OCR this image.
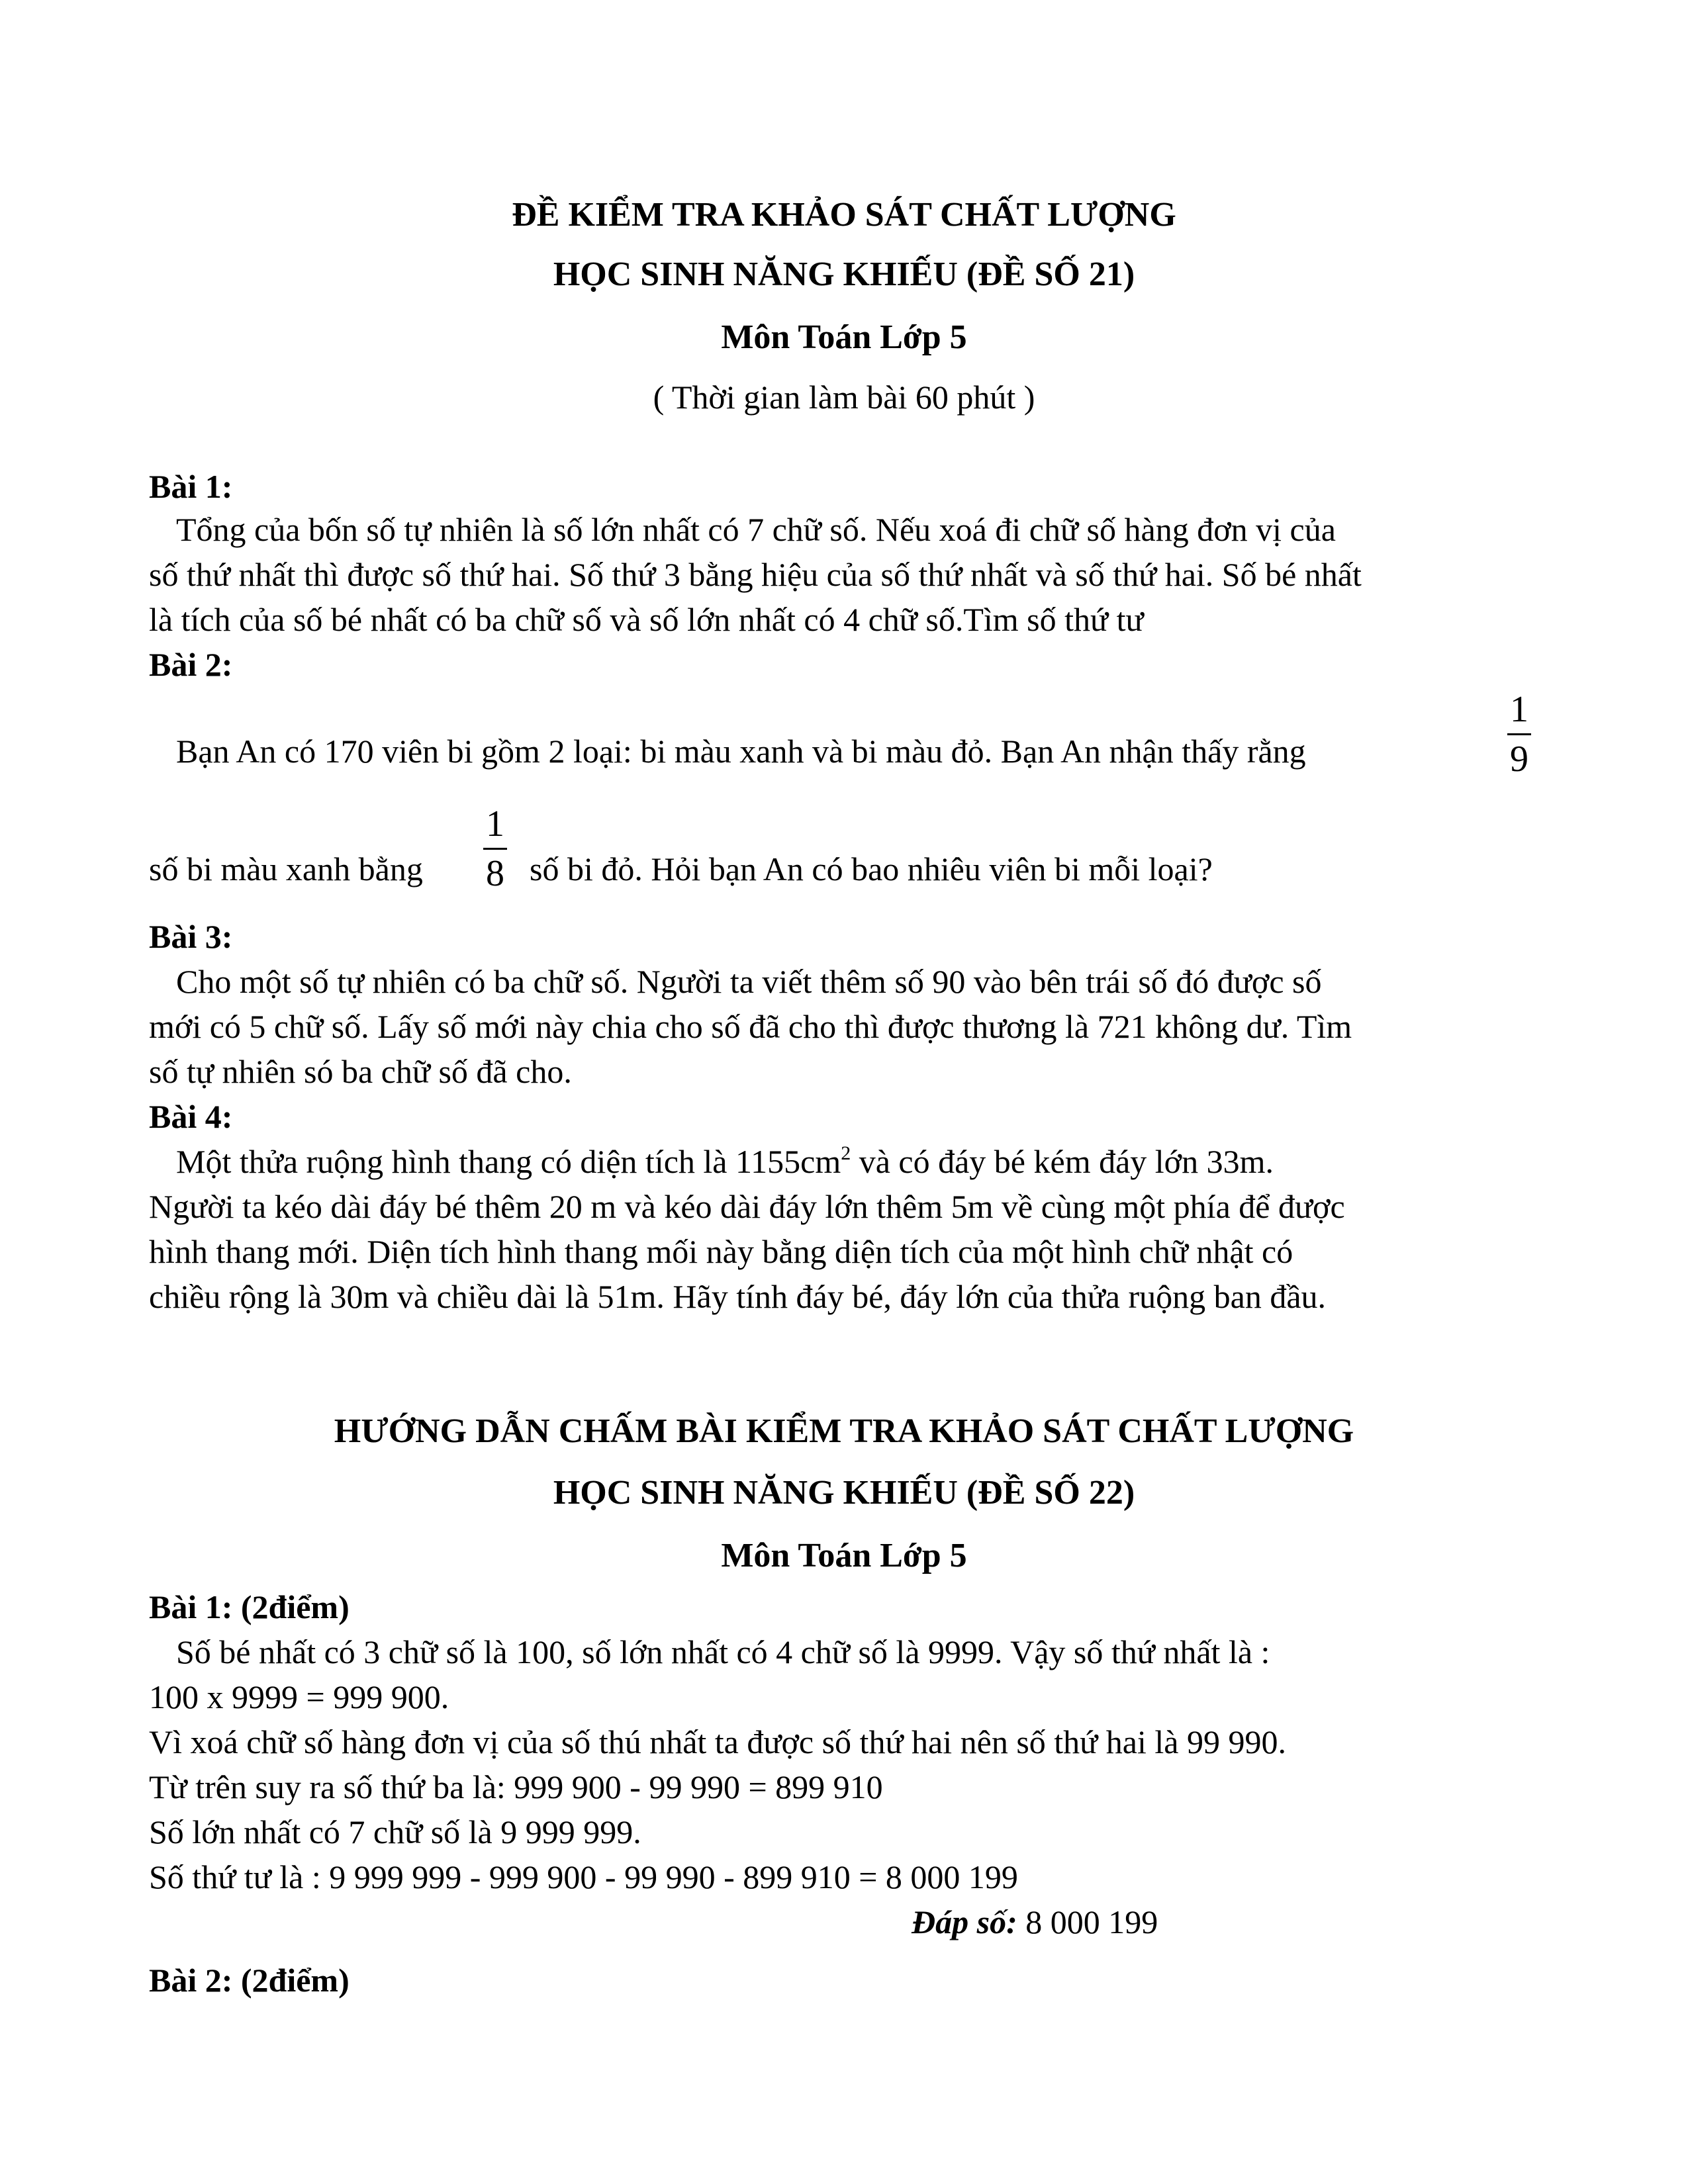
ĐỀ KIỂM TRA KHẢO SÁT CHẤT LƯỢNG
HỌC SINH NĂNG KHIẾU (ĐỀ SỐ 21)
Môn Toán Lớp 5
( Thời gian làm bài 60 phút )
Bài 1:
Tổng của bốn số tự nhiên là số lớn nhất có 7 chữ số. Nếu xoá đi chữ số hàng đơn vị của
số thứ nhất thì được số thứ hai. Số thứ 3 bằng hiệu của số thứ nhất và số thứ hai. Số bé nhất
là tích của số bé nhất có ba chữ số và số lớn nhất có 4 chữ số.Tìm số thứ tư
Bài 2:
Bạn An có 170 viên bi gồm 2 loại: bi màu xanh và bi màu đỏ. Bạn An nhận thấy rằng
1
9
số bi màu xanh bằng
1
8 số bi đỏ. Hỏi bạn An có bao nhiêu viên bi mỗi loại?
Bài 3:
Cho một số tự nhiên có ba chữ số. Người ta viết thêm số 90 vào bên trái số đó được số
mới có 5 chữ số. Lấy số mới này chia cho số đã cho thì được thương là 721 không dư. Tìm
số tự nhiên só ba chữ số đã cho.
Bài 4:
Một thửa ruộng hình thang có diện tích là $1155cm^2$ và có đáy bé kém đáy lớn 33m.
Người ta kéo dài đáy bé thêm 20 m và kéo dài đáy lớn thêm 5m về cùng một phía để được
hình thang mới. Diện tích hình thang mối này bằng diện tích của một hình chữ nhật có
chiều rộng là 30m và chiều dài là 51m. Hãy tính đáy bé, đáy lớn của thửa ruộng ban đầu.
HƯỚNG DẪN CHẤM BÀI KIỂM TRA KHẢO SÁT CHẤT LƯỢNG
HỌC SINH NĂNG KHIẾU (ĐỀ SỐ 22)
Môn Toán Lớp 5
Bài 1: (2điểm)
Số bé nhất có 3 chữ số là 100, số lớn nhất có 4 chữ số là 9999. Vậy số thứ nhất là :
100 x 9999 = 999 900.
Vì xoá chữ số hàng đơn vị của số thú nhất ta được số thứ hai nên số thứ hai là 99 990.
Từ trên suy ra số thứ ba là: 999 900 - 99 990 = 899 910
Số lớn nhất có 7 chữ số là 9 999 999.
Số thứ tư là : 9 999 999 - 999 900 - 99 990 - 899 910 = 8 000 199
Đáp số: 8 000 199
Bài 2: (2điểm)
